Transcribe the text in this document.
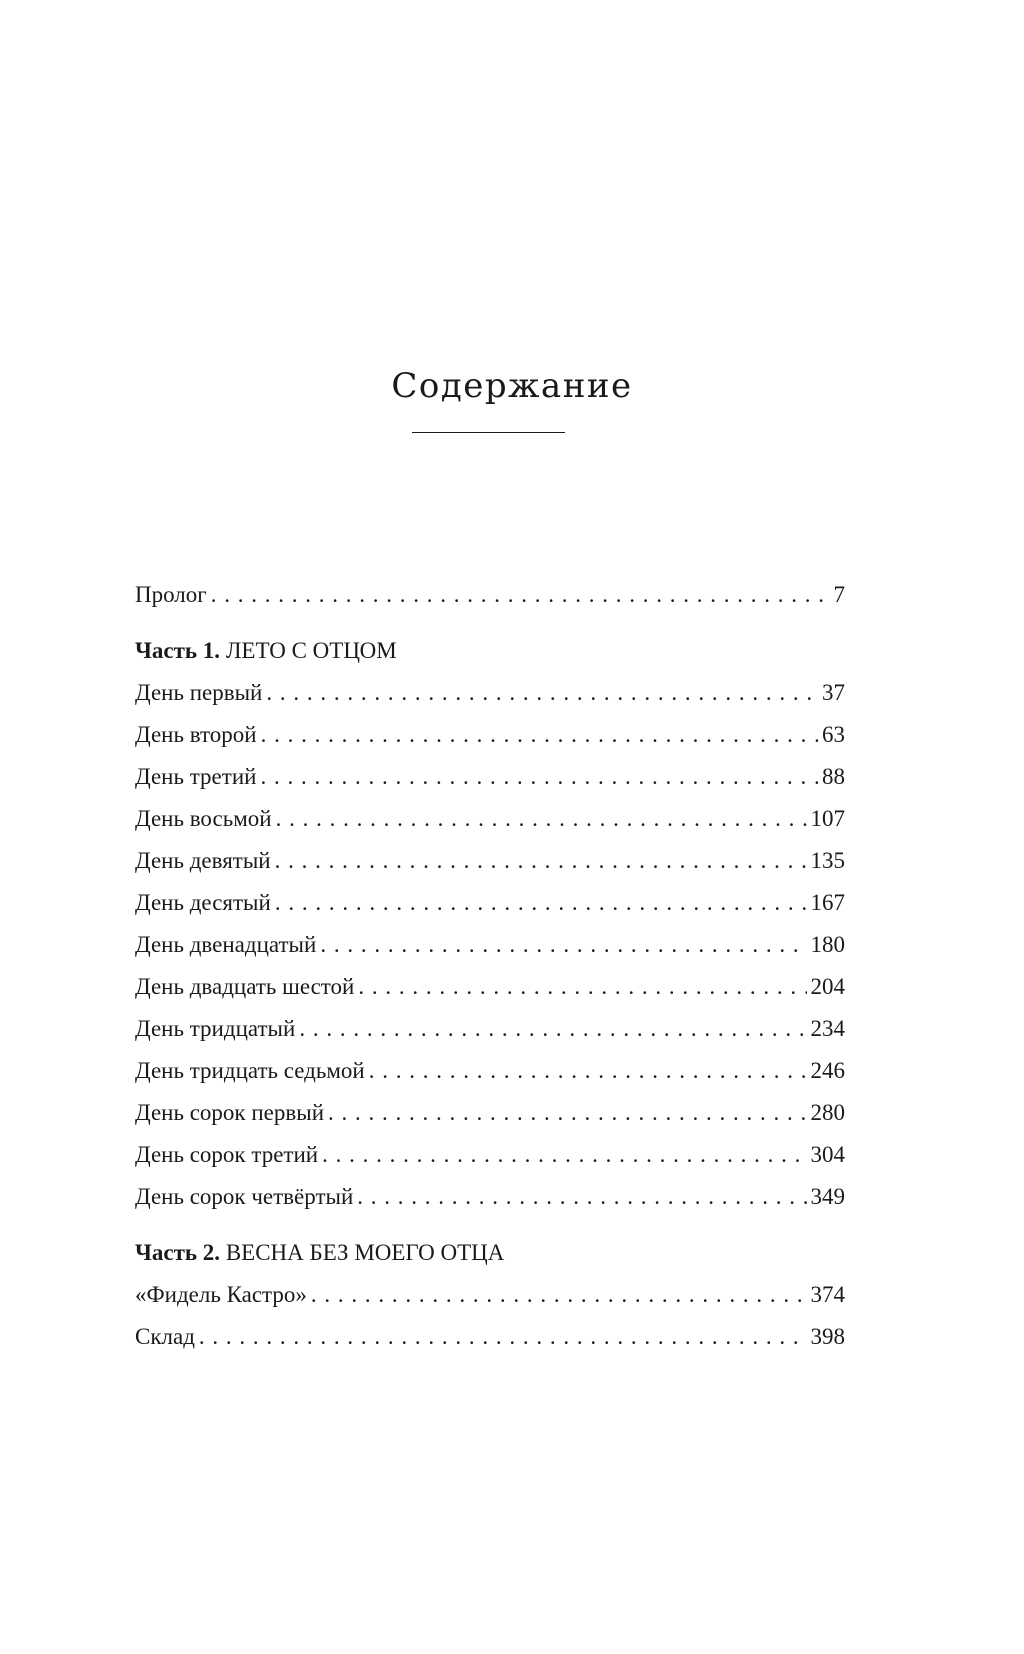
Содержание
Пролог . . .	7
Часть 1. ЛЕТО С ОТЦОМ
День первый . . .	37
День второй . . .	63
День третий . . .	88
День восьмой . . .	107
День девятый . . .	135
День десятый . . .	167
День двенадцатый . . .	180
День двадцать шестой . . .	204
День тридцатый . . .	234
День тридцать седьмой . . .	246
День сорок первый . . .	280
День сорок третий . . .	304
День сорок четвёртый . . .	349
Часть 2. ВЕСНА БЕЗ МОЕГО ОТЦА
«Фидель Кастро» . . .	374
Склад . . .	398
